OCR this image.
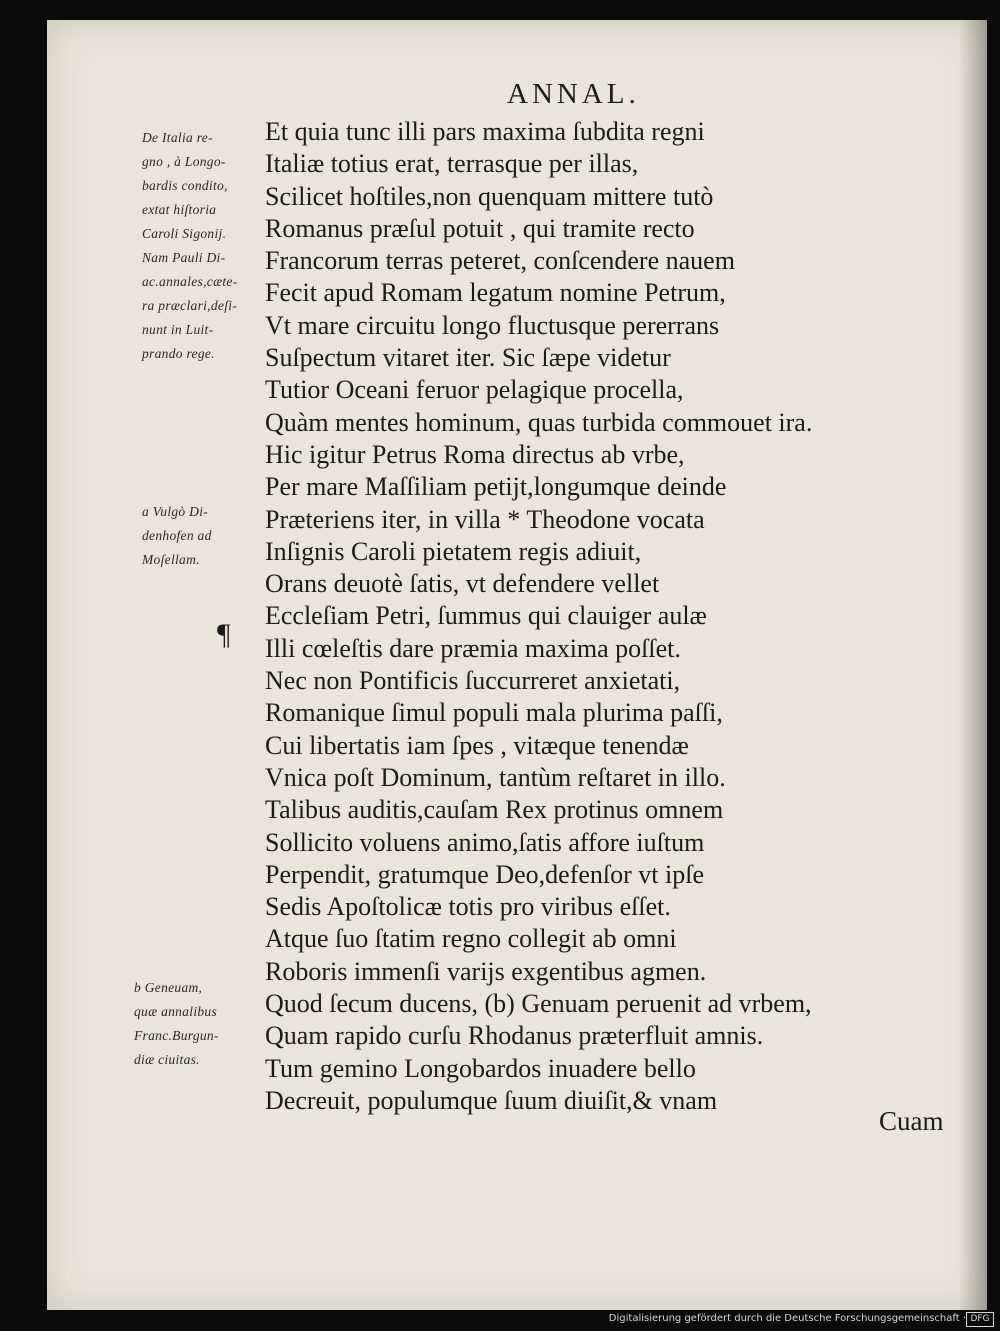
ANNAL.
De Italia re-
gno , à Longo-
bardis condito,
extat hiſtoria
Caroli Sigonij.
Nam Pauli Di-
ac.annales,cæte-
ra præclari,deſi-
nunt in Luit-
prando rege.
a Vulgò Di-
denhofen ad
Moſellam.
b Geneuam,
quæ annalibus
Franc.Burgun-
diæ ciuitas.
¶
Et quia tunc illi pars maxima ſubdita regni
Italiæ totius erat, terrasque per illas,
Scilicet hoſtiles,non quenquam mittere tutò
Romanus præſul potuit , qui tramite recto
Francorum terras peteret, conſcendere nauem
Fecit apud Romam legatum nomine Petrum,
Vt mare circuitu longo fluctusque pererrans
Suſpectum vitaret iter. Sic ſæpe videtur
Tutior Oceani feruor pelagique procella,
Quàm mentes hominum, quas turbida commouet ira.
Hic igitur Petrus Roma directus ab vrbe,
Per mare Maſſiliam petijt,longumque deinde
Præteriens iter, in villa * Theodone vocata
Inſignis Caroli pietatem regis adiuit,
Orans deuotè ſatis, vt defendere vellet
Eccleſiam Petri, ſummus qui clauiger aulæ
Illi cœleſtis dare præmia maxima poſſet.
Nec non Pontificis ſuccurreret anxietati,
Romanique ſimul populi mala plurima paſſi,
Cui libertatis iam ſpes , vitæque tenendæ
Vnica poſt Dominum, tantùm reſtaret in illo.
Talibus auditis,cauſam Rex protinus omnem
Sollicito voluens animo,ſatis affore iuſtum
Perpendit, gratumque Deo,defenſor vt ipſe
Sedis Apoſtolicæ totis pro viribus eſſet.
Atque ſuo ſtatim regno collegit ab omni
Roboris immenſi varijs exgentibus agmen.
Quod ſecum ducens, (b) Genuam peruenit ad vrbem,
Quam rapido curſu Rhodanus præterfluit amnis.
Tum gemino Longobardos inuadere bello
Decreuit, populumque ſuum diuiſit,& vnam
Cuam
Digitalisierung gefördert durch die Deutsche Forschungsgemeinschaft · DFG
